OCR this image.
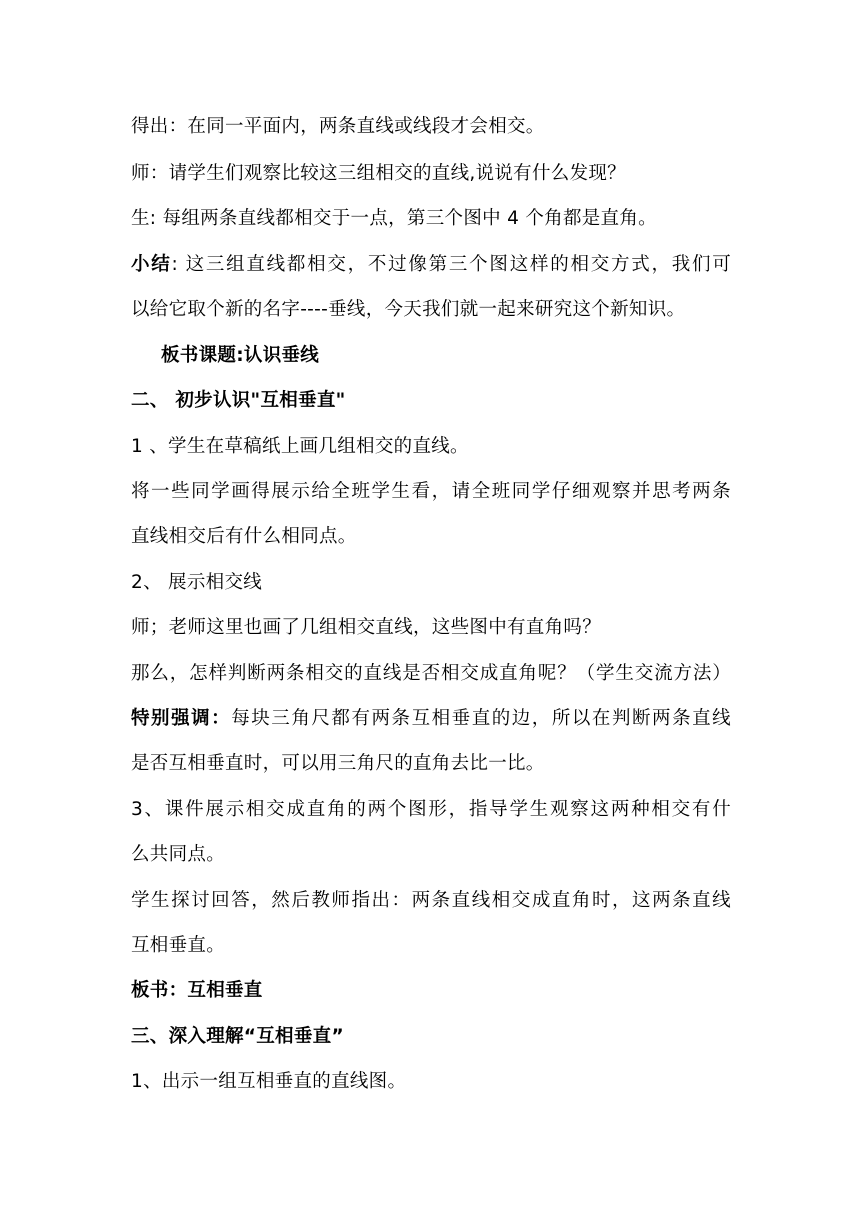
得出：在同一平面内，两条直线或线段才会相交。
师：请学生们观察比较这三组相交的直线,说说有什么发现？
生: 每组两条直线都相交于一点，第三个图中 4 个角都是直角。
小结: 这三组直线都相交，不过像第三个图这样的相交方式，我们可
以给它取个新的名字----垂线，今天我们就一起来研究这个新知识。
板书课题:认识垂线
二、 初步认识"互相垂直"
1 、学生在草稿纸上画几组相交的直线。
将一些同学画得展示给全班学生看，请全班同学仔细观察并思考两条
直线相交后有什么相同点。
2、 展示相交线
师；老师这里也画了几组相交直线，这些图中有直角吗？
那么，怎样判断两条相交的直线是否相交成直角呢？（学生交流方法）
特别强调：每块三角尺都有两条互相垂直的边，所以在判断两条直线
是否互相垂直时，可以用三角尺的直角去比一比。
3、课件展示相交成直角的两个图形，指导学生观察这两种相交有什
么共同点。
学生探讨回答，然后教师指出：两条直线相交成直角时，这两条直线
互相垂直。
板书：互相垂直
三、深入理解“互相垂直”
1、出示一组互相垂直的直线图。
